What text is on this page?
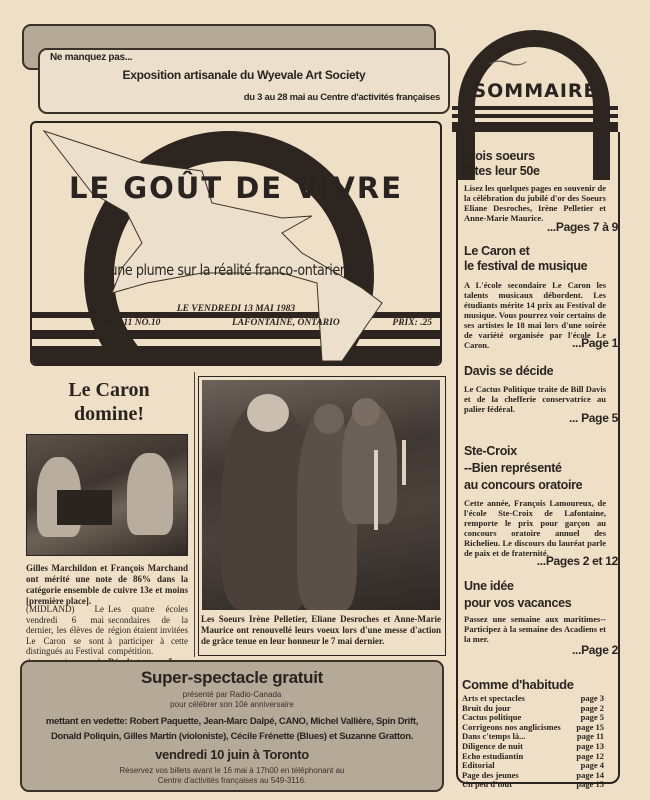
Ne manquez pas...
Exposition artisanale du Wyevale Art Society
du 3 au 28 mai au Centre d'activités françaises
LE GOÛT DE VIVRE
une plume sur la réalité franco-ontarienne
LE VENDREDI 13 MAI 1983
VOL.11 NO.10	LAFONTAINE, ONTARIO	PRIX: .25
Le Caron
domine!
Gilles Marchildon et François Marchand ont mérité une note de 86% dans la catégorie ensemble de cuivre 13e et moins [première place].
(MIDLAND) Le vendredi 6 mai dernier, les élèves de Le Caron se sont distingués au Festival
Les quatre écoles secondaires de la région étaient invitées à participer à cette compétition.
Les Soeurs Irène Pelletier, Eliane Desroches et Anne-Marie Maurice ont renouvellé leurs voeux lors d'une messe d'action de grâce tenue en leur honneur le 7 mai dernier.
Super-spectacle gratuit
présenté par Radio-Canada
pour célébrer son 10è anniversaire
mettant en vedette: Robert Paquette, Jean-Marc Dalpé, CANO, Michel Vallière, Spin Drift,
Donald Poliquin, Gilles Martin (violoniste), Cécile Frénette (Blues) et Suzanne Gratton.
vendredi 10 juin à Toronto
Réservez vos billets avant le 16 mai à 17h00 en téléphonant au
Centre d'activités françaises au 549-3116.
〜
SOMMAIRE
Trois soeurs
fêtes leur 50e
Lisez les quelques pages en souvenir de la célébration du jubilé d'or des Soeurs Eliane Desroches, Irène Pelletier et Anne-Marie Maurice.
...Pages 7 à 9
Le Caron et
le festival de musique
A L'école secondaire Le Caron les talents musicaux débordent. Les étudiants mérite 14 prix au Festival de musique. Vous pourrez voir certains de ses artistes le 18 mai lors d'une soirée de variété organisée par l'école Le Caron.	...Page 1
Davis se décide
Le Cactus Politique traite de Bill Davis et de la chefferie conservatrice au palier fédéral.
... Page 5
Ste-Croix
--Bien représenté
au concours oratoire
Cette année, François Lamoureux, de l'école Ste-Croix de Lafontaine, remporte le prix pour garçon au concours oratoire annuel des Richelieu. Le discours du lauréat parle de paix et de fraternité.
...Pages 2 et 12
Une idée
pour vos vacances
Passez une semaine aux maritimes-- Participez à la semaine des Acadiens et la mer.
...Page 2
Comme d'habitude
Arts et spectacles	page 3
Bruit du jour	page 2
Cactus politique	page 5
Corrigeons nos anglicismes page 15
Dans c'temps là...	page 11
Diligence de nuit	page 13
Echo estudiantin	page 12
Editorial	page 4
Page des jeunes	page 14
Un peu d'tout	page 15
